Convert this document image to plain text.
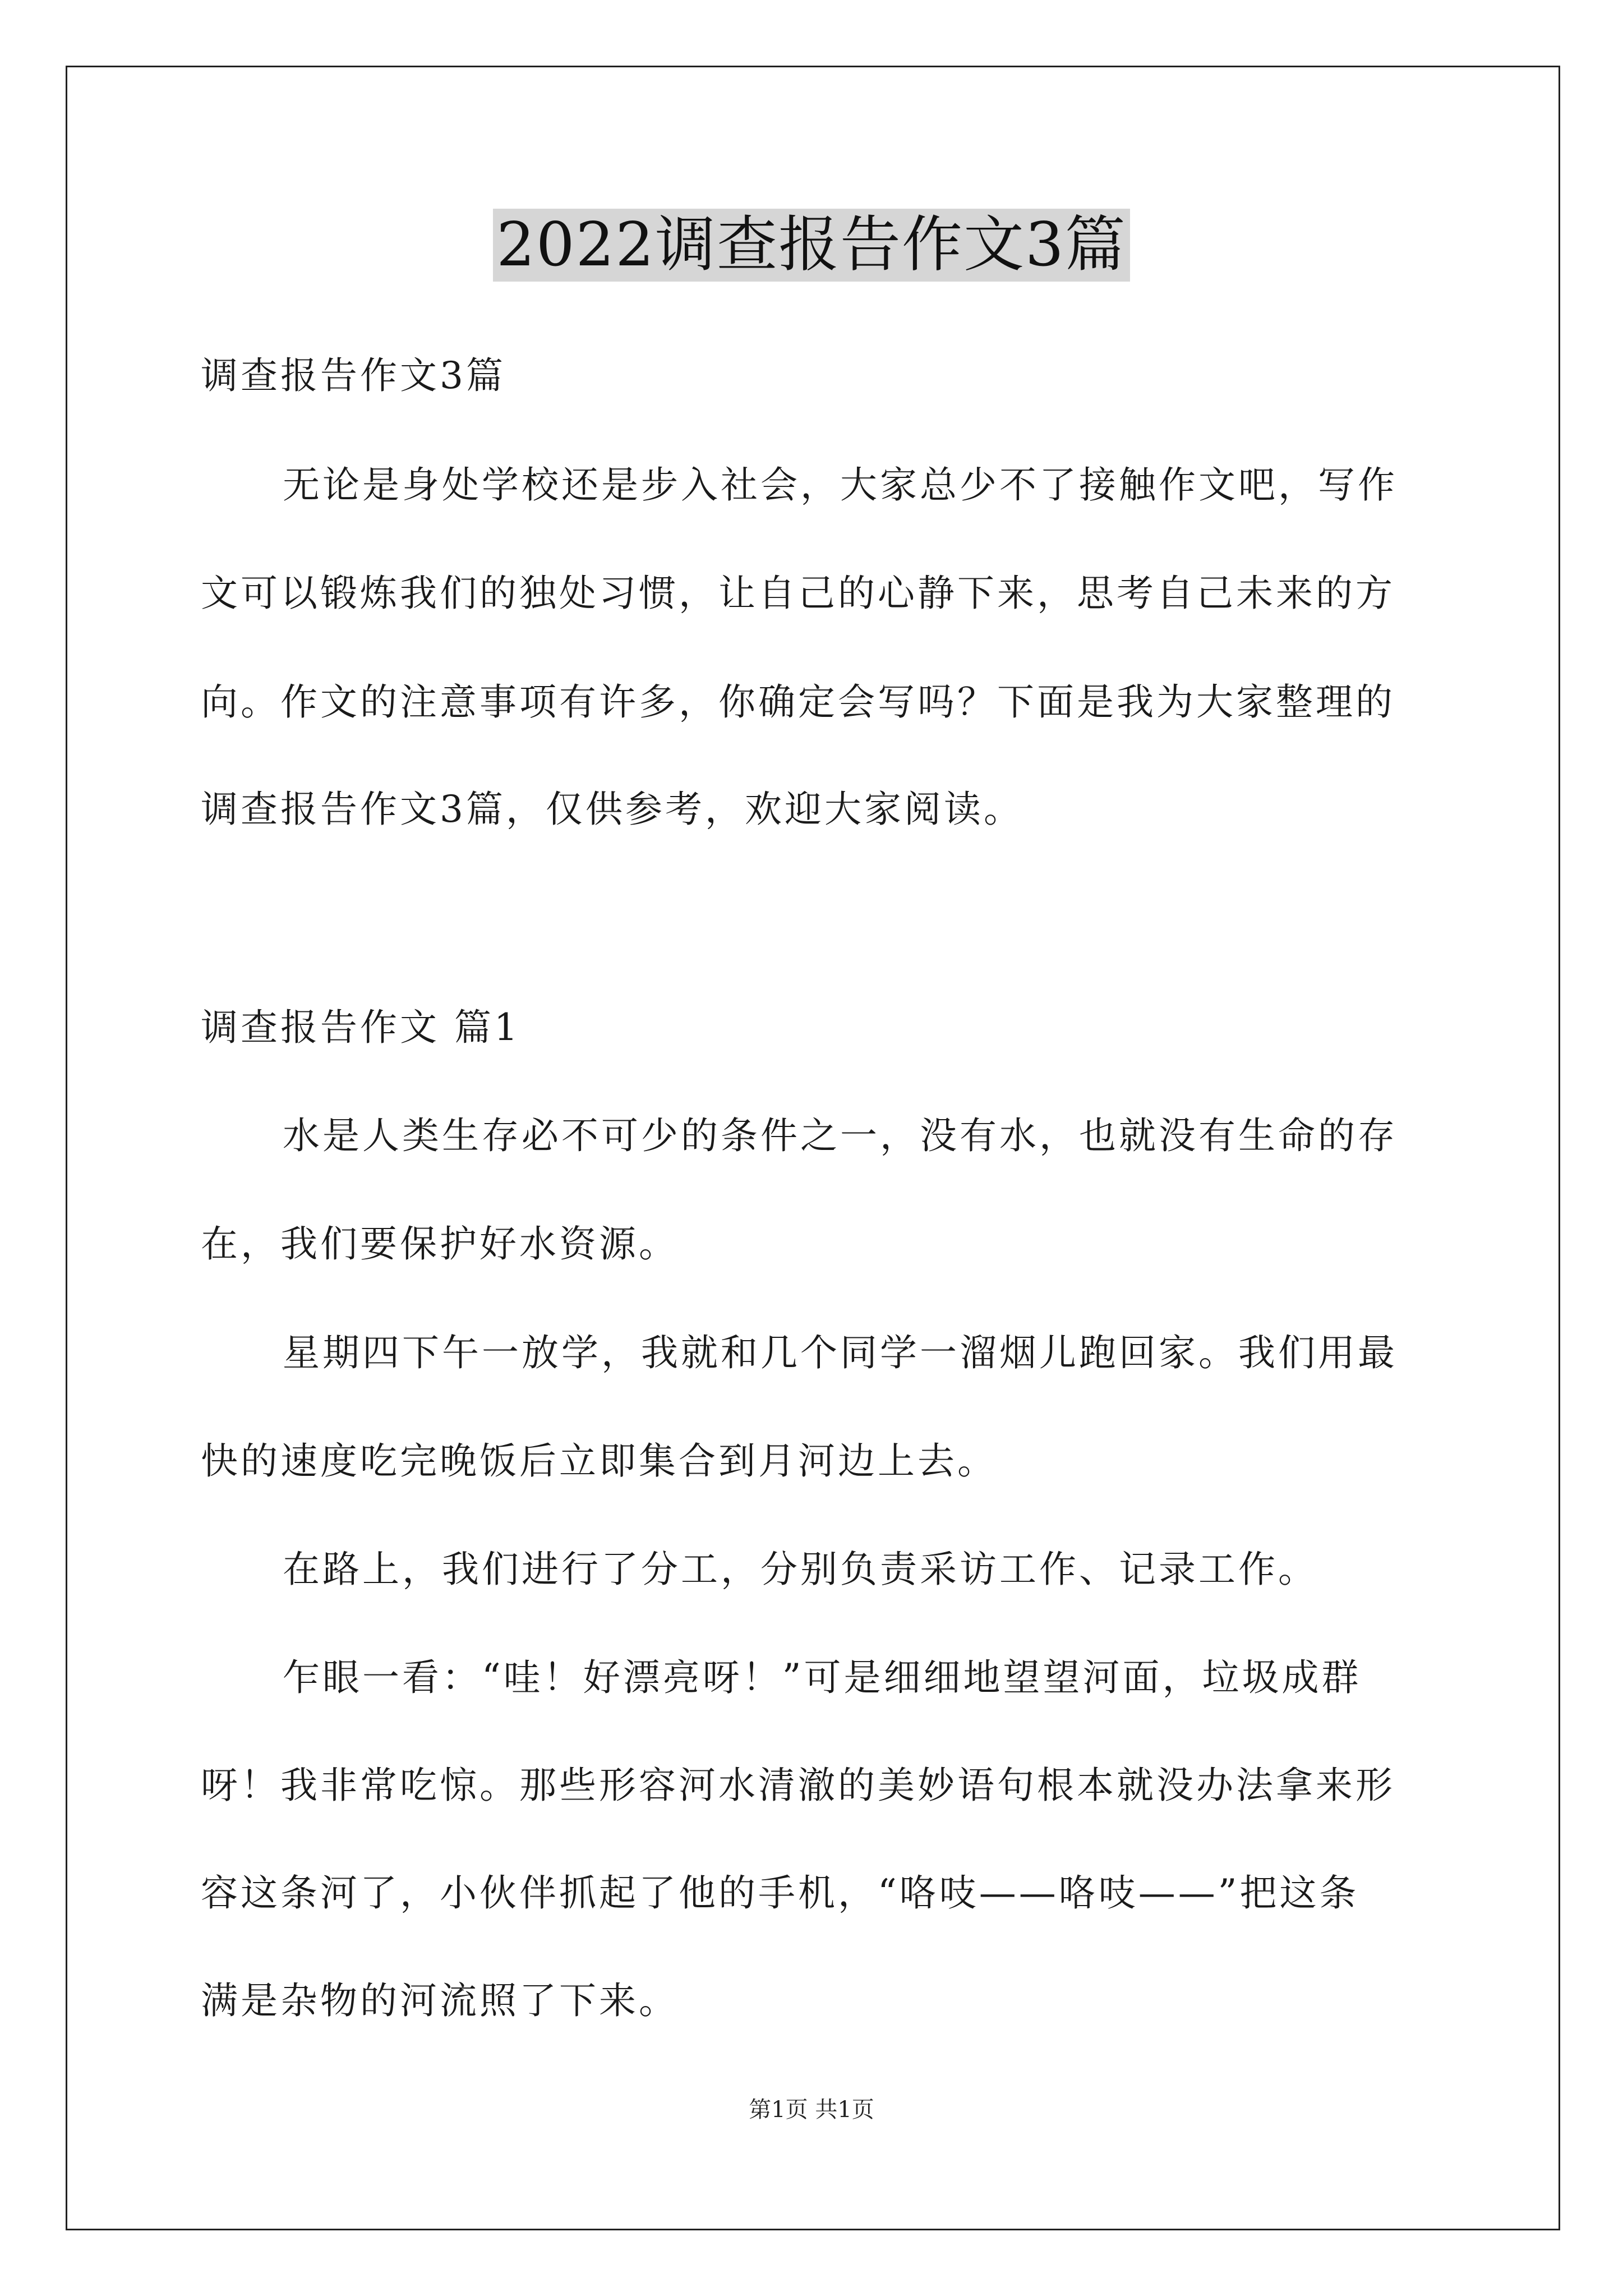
2022调查报告作文3篇
调查报告作文3篇
无论是身处学校还是步入社会，大家总少不了接触作文吧，写作
文可以锻炼我们的独处习惯，让自己的心静下来，思考自己未来的方
向。作文的注意事项有许多，你确定会写吗？下面是我为大家整理的
调查报告作文3篇，仅供参考，欢迎大家阅读。
调查报告作文 篇1
水是人类生存必不可少的条件之一，没有水，也就没有生命的存
在，我们要保护好水资源。
星期四下午一放学，我就和几个同学一溜烟儿跑回家。我们用最
快的速度吃完晚饭后立即集合到月河边上去。
在路上，我们进行了分工，分别负责采访工作、记录工作。
乍眼一看：“哇！好漂亮呀！”可是细细地望望河面，垃圾成群
呀！我非常吃惊。那些形容河水清澈的美妙语句根本就没办法拿来形
容这条河了，小伙伴抓起了他的手机，“咯吱——咯吱——”把这条
满是杂物的河流照了下来。
第1页 共1页
